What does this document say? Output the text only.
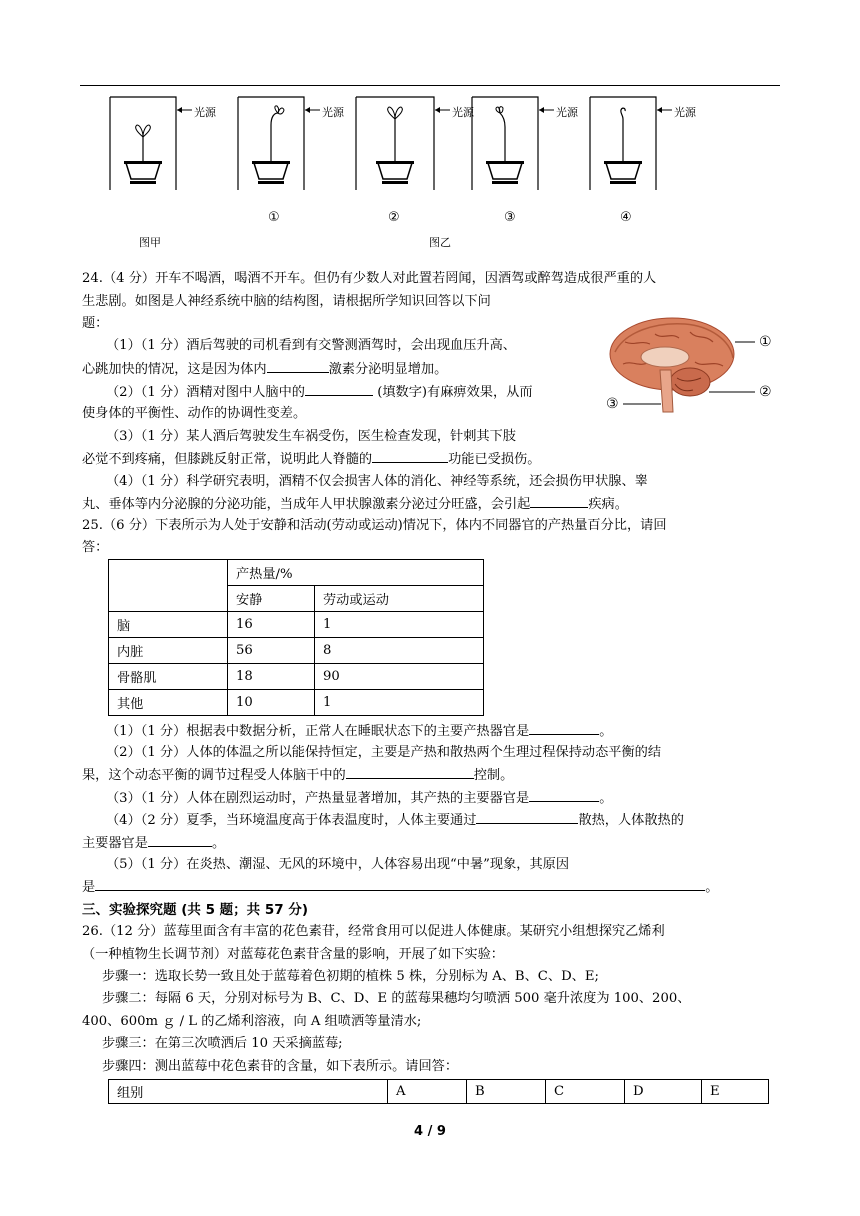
光源	光源	光源	光源	光源
①	②	③	④
图甲	图乙
24.（4 分）开车不喝酒，喝酒不开车。但仍有少数人对此置若罔闻，因酒驾或醉驾造成很严重的人
生悲剧。如图是人神经系统中脑的结构图，请根据所学知识回答以下问
题：
①
②
③
（1）（1 分）酒后驾驶的司机看到有交警测酒驾时，会出现血压升高、
心跳加快的情况，这是因为体内	激素分泌明显增加。
（2）（1 分）酒精对图中人脑中的	(填数字)有麻痹效果，从而
使身体的平衡性、动作的协调性变差。
（3）（1 分）某人酒后驾驶发生车祸受伤，医生检查发现，针刺其下肢
必觉不到疼痛，但膝跳反射正常，说明此人脊髓的	功能已受损伤。
（4）（1 分）科学研究表明，酒精不仅会损害人体的消化、神经等系统，还会损伤甲状腺、睾
丸、垂体等内分泌腺的分泌功能，当成年人甲状腺激素分泌过分旺盛，会引起	疾病。
25.（6 分）下表所示为人处于安静和活动(劳动或运动)情况下，体内不同器官的产热量百分比，请回
答：
	产热量/%	
	安静	劳动或运动
脑	16	1
内脏	56	8
骨骼肌	18	90
其他	10	1
（1）（1 分）根据表中数据分析，正常人在睡眠状态下的主要产热器官是	。
（2）（1 分）人体的体温之所以能保持恒定，主要是产热和散热两个生理过程保持动态平衡的结
果，这个动态平衡的调节过程受人体脑干中的	控制。
（3）（1 分）人体在剧烈运动时，产热量显著增加，其产热的主要器官是	。
（4）（2 分）夏季，当环境温度高于体表温度时，人体主要通过	散热，人体散热的
主要器官是	。
（5）（1 分）在炎热、潮湿、无风的环境中，人体容易出现“中暑”现象，其原因
是	。
三、实验探究题 (共 5 题；共 57 分)
26.（12 分）蓝莓里面含有丰富的花色素苷，经常食用可以促进人体健康。某研究小组想探究乙烯利
（一种植物生长调节剂）对蓝莓花色素苷含量的影响，开展了如下实验：
步骤一：选取长势一致且处于蓝莓着色初期的植株 5 株，分别标为 A、B、C、D、E;
步骤二：每隔 6 天，分别对标号为 B、C、D、E 的蓝莓果穗均匀喷洒 500 毫升浓度为 100、200、
400、600m ｇ / L 的乙烯利溶液，向 A 组喷洒等量清水;
步骤三：在第三次喷洒后 10 天采摘蓝莓;
步骤四：测出蓝莓中花色素苷的含量，如下表所示。请回答：
组别	A	B	C	D	E
4 / 9
